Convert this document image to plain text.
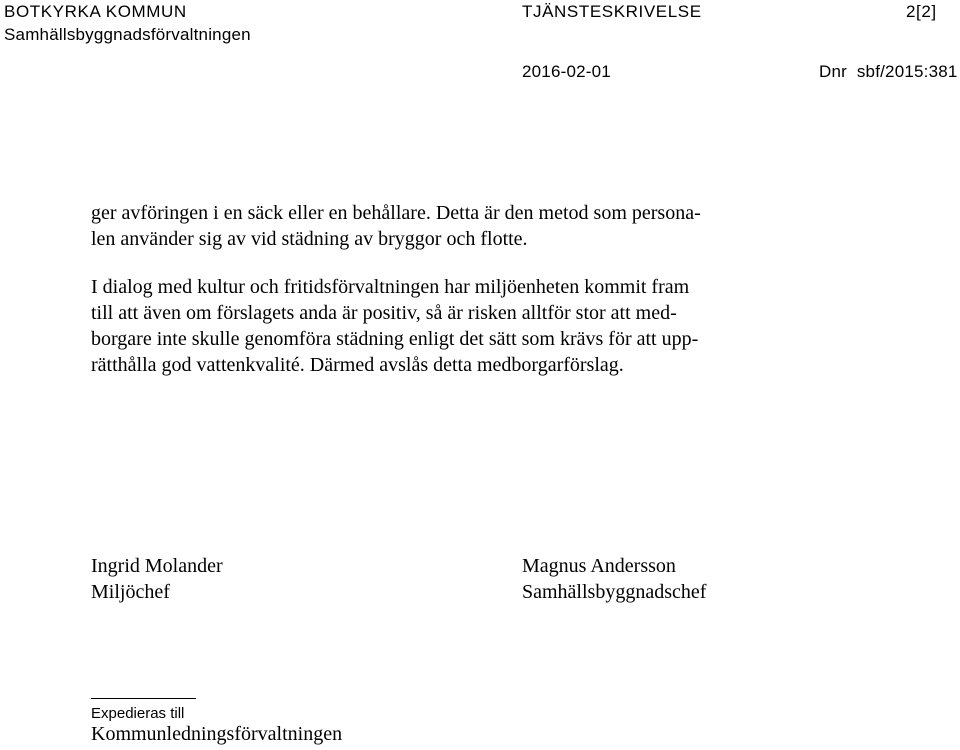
BOTKYRKA KOMMUN
Samhällsbyggnadsförvaltningen
TJÄNSTESKRIVELSE	2[2]
2016-02-01	Dnr  sbf/2015:381
ger avföringen i en säck eller en behållare. Detta är den metod som persona-
len använder sig av vid städning av bryggor och flotte.
I dialog med kultur och fritidsförvaltningen har miljöenheten kommit fram
till att även om förslagets anda är positiv, så är risken alltför stor att med-
borgare inte skulle genomföra städning enligt det sätt som krävs för att upp-
rätthålla god vattenkvalité. Därmed avslås detta medborgarförslag.
Ingrid Molander
Miljöchef
Magnus Andersson
Samhällsbyggnadschef
Expedieras till
Kommunledningsförvaltningen
